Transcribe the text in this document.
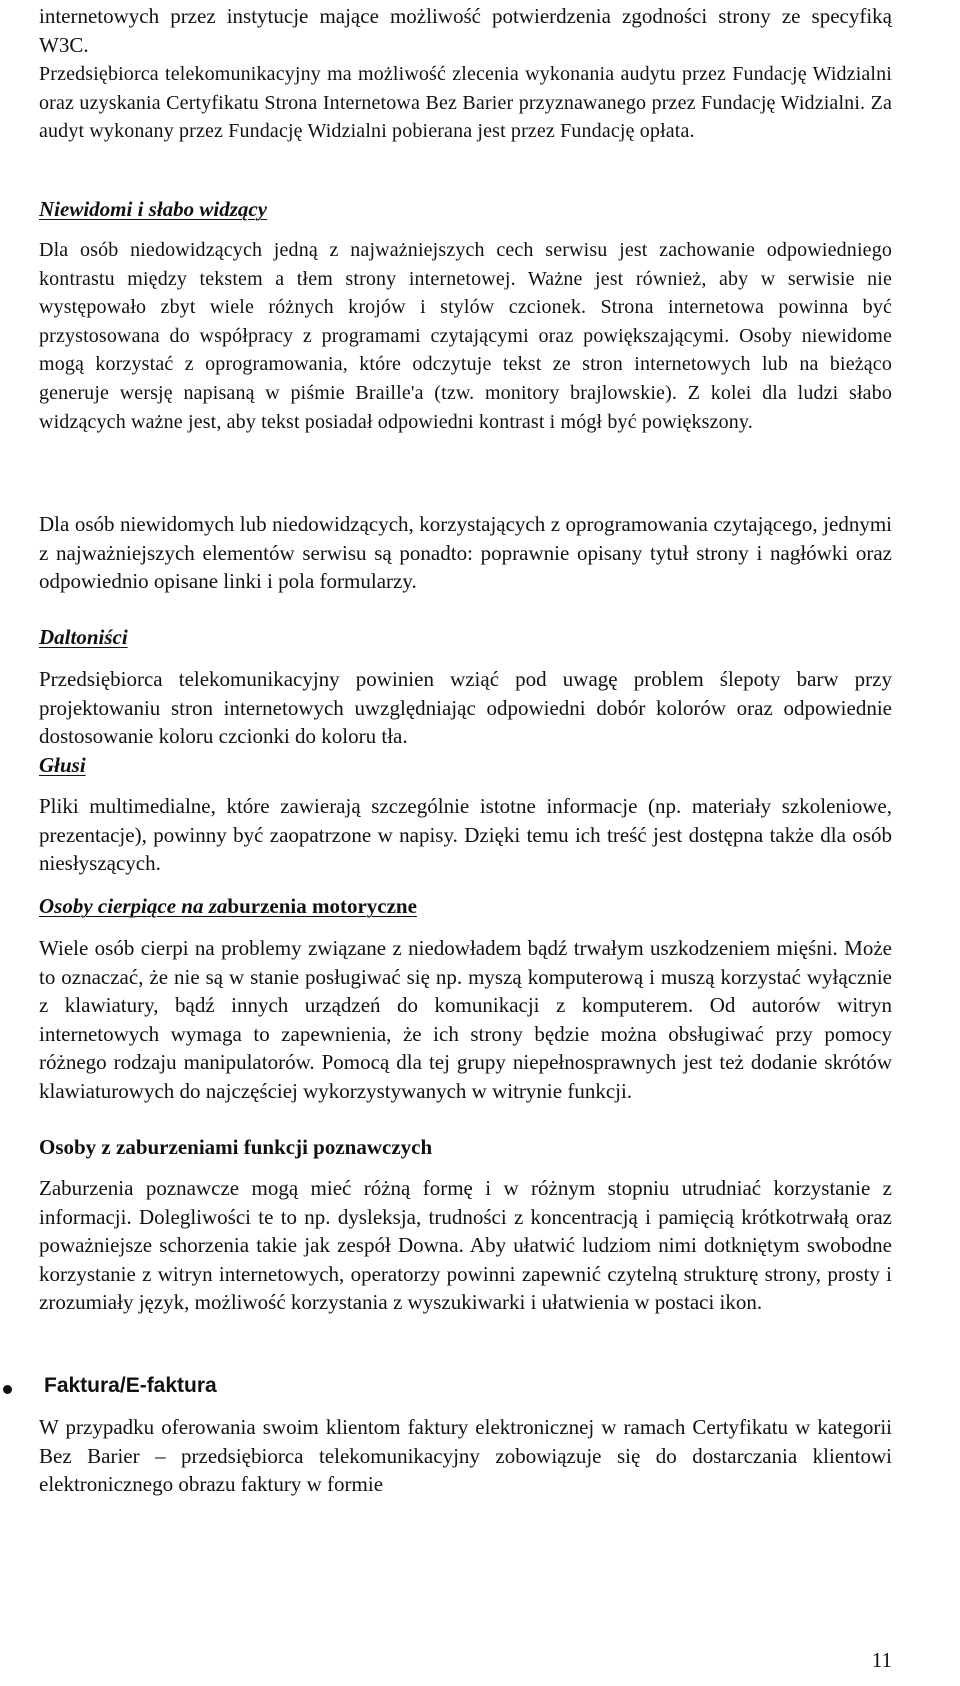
internetowych przez instytucje mające możliwość potwierdzenia zgodności strony ze specyfiką W3C.

Przedsiębiorca telekomunikacyjny ma możliwość zlecenia wykonania audytu przez Fundację Widzialni oraz uzyskania Certyfikatu Strona Internetowa Bez Barier przyznawanego przez Fundację Widzialni. Za audyt wykonany przez Fundację Widzialni pobierana jest przez Fundację opłata.

Niewidomi i słabo widzący

Dla osób niedowidzących jedną z najważniejszych cech serwisu jest zachowanie odpowiedniego kontrastu między tekstem a tłem strony internetowej. Ważne jest również, aby w serwisie nie występowało zbyt wiele różnych krojów i stylów czcionek. Strona internetowa powinna być przystosowana do współpracy z programami czytającymi oraz powiększającymi. Osoby niewidome mogą korzystać z oprogramowania, które odczytuje tekst ze stron internetowych lub na bieżąco generuje wersję napisaną w piśmie Braille'a (tzw. monitory brajlowskie). Z kolei dla ludzi słabo widzących ważne jest, aby tekst posiadał odpowiedni kontrast i mógł być powiększony.

Dla osób niewidomych lub niedowidzących, korzystających z oprogramowania czytającego, jednymi z najważniejszych elementów serwisu są ponadto: poprawnie opisany tytuł strony i nagłówki oraz odpowiednio opisane linki i pola formularzy.

Daltoniści

Przedsiębiorca telekomunikacyjny powinien wziąć pod uwagę problem ślepoty barw przy projektowaniu stron internetowych uwzględniając odpowiedni dobór kolorów oraz odpowiednie dostosowanie koloru czcionki do koloru tła.

Głusi

Pliki multimedialne, które zawierają szczególnie istotne informacje (np. materiały szkoleniowe, prezentacje), powinny być zaopatrzone w napisy. Dzięki temu ich treść jest dostępna także dla osób niesłyszących.

Osoby cierpiące na zaburzenia motoryczne

Wiele osób cierpi na problemy związane z niedowładem bądź trwałym uszkodzeniem mięśni. Może to oznaczać, że nie są w stanie posługiwać się np. myszą komputerową i muszą korzystać wyłącznie z klawiatury, bądź innych urządzeń do komunikacji z komputerem. Od autorów witryn internetowych wymaga to zapewnienia, że ich strony będzie można obsługiwać przy pomocy różnego rodzaju manipulatorów. Pomocą dla tej grupy niepełnosprawnych jest też dodanie skrótów klawiaturowych do najczęściej wykorzystywanych w witrynie funkcji.

Osoby z zaburzeniami funkcji poznawczych

Zaburzenia poznawcze mogą mieć różną formę i w różnym stopniu utrudniać korzystanie z informacji. Dolegliwości te to np. dysleksja, trudności z koncentracją i pamięcią krótkotrwałą oraz poważniejsze schorzenia takie jak zespół Downa. Aby ułatwić ludziom nimi dotkniętym swobodne korzystanie z witryn internetowych, operatorzy powinni zapewnić czytelną strukturę strony, prosty i zrozumiały język, możliwość korzystania z wyszukiwarki i ułatwienia w postaci ikon.

Faktura/E-faktura

W przypadku oferowania swoim klientom faktury elektronicznej w ramach Certyfikatu w kategorii Bez Barier – przedsiębiorca telekomunikacyjny zobowiązuje się do dostarczania klientowi elektronicznego obrazu faktury w formie

11
